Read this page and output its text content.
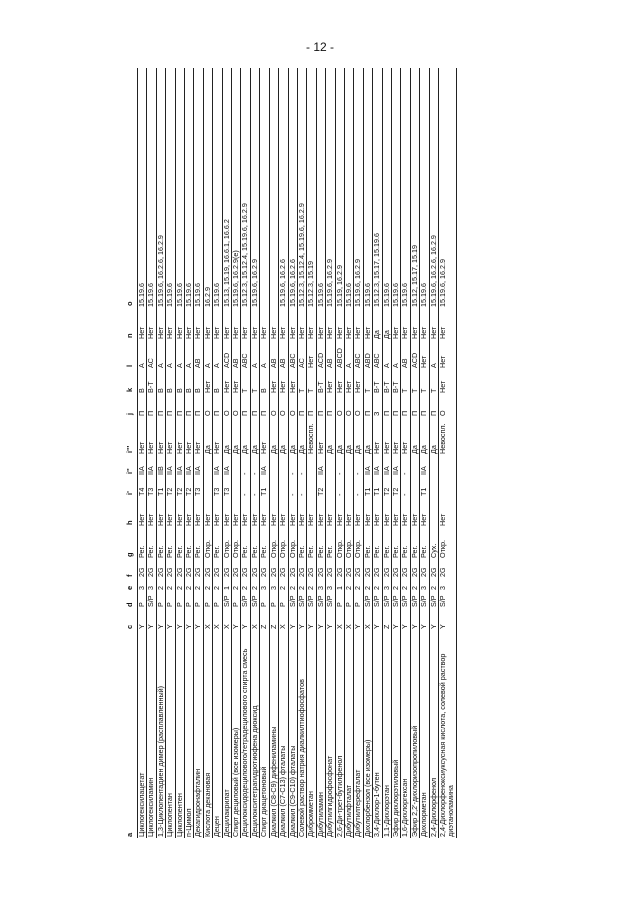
- 12 -
a
c
d
e
f
g
h
i'
i''
i'''
j
k
l
n
o
Циклогексилацетат
Y
P
3
2G
Рег.
Нет
T4
IIA
Нет
П
В
А
Нет
15.19.6
Циклогексиламин
Y
S/P
3
2G
Рег.
Нет
T3
IIA
Нет
П
В-Т
АС
Нет
15.19.6
1,3-Циклопентадиен димер (расплавленный)
Y
P
2
2G
Рег.
Нет
T1
IIB
Нет
П
В
А
Нет
15.19.6, 16.2.6, 16.2.9
Циклопентан
Y
P
2
2G
Рег.
Нет
T2
IIA
Нет
П
В
А
Нет
15.19.6
Циклопентен
Y
P
2
2G
Рег.
Нет
T2
IIA
Нет
П
В
А
Нет
15.19.6
п-Цимол
Y
P
2
2G
Рег.
Нет
T2
IIA
Нет
П
В
А
Нет
15.19.6
Декагидронафталин
Y
P
2
2G
Рег.
Нет
T3
IIA
Нет
П
В
АВ
Нет
15.19.6
Кислота декановая
X
P
2
2G
Откр.
Нет
Да
О
Нет
А
Нет
16.2.9
Децен
X
P
2
2G
Рег.
Нет
T3
IIA
Нет
П
В
А
Нет
15.19.6
Децилакрилат
X
S/P
1
2G
Откр.
Нет
T3
IIA
Да
О
Нет
ACD
Нет
15.13, 15.19, 16.6.1, 16.6.2
Спирт дециловый (все изомеры)
Y
P
2
2G
Откр.
Нет
Да
О
Нет
АВ
Нет
15.19.6, 16.2.9(е)
Децилоксидодецилового/тетрадецилового спирта смесь
Y
S/P
2
2G
Рег.
Нет
-
-
Да
П
Т
АВС
Нет
15.12.3, 15.12.4, 15.19.6, 16.2.9
Децилокситетрагидротиофена диоксид
X
S/P
2
2G
Рег.
Нет
-
-
Да
П
Т
А
Нет
15.19.6, 16.2.9
Спирт диацетоновый
Z
P
3
2G
Рег.
Нет
T1
IIA
Нет
П
В
А
Нет
Диалкил (С8-С9) дифениламины
Z
P
3
2G
Откр.
Нет
Да
О
Нет
АВ
Нет
Диалкил (С7-С13) фталаты
X
P
2
2G
Откр.
Нет
Да
О
Нет
АВ
Нет
15.19.6, 16.2.6
Диалкил (С9-С10) фталаты
Y
S/P
2
2G
Откр.
Нет
-
-
Да
О
Нет
АВС
Нет
15.19.6, 16.2.6
Солевой раствор натрия диалкилтиофосфатов
Y
S/P
2
2G
Рег.
Нет
-
-
Да
П
Т
АС
Нет
15.12.3, 15.12.4, 15.19.6, 16.2.9
Дибромметан
Y
S/P
2
2G
Рег.
Нет
Невоспл.
П
Т
Нет
Нет
15.12.3, 15.19
Дибутиламин
Y
S/P
3
2G
Рег.
Нет
T2
IIA
Нет
П
В-Т
ACD
Нет
15.19.6
Дибутилгидрофосфонат
Y
S/P
3
2G
Рег.
Нет
Да
П
Нет
АВ
Нет
15.19.6, 16.2.9
2,6-Ди-трет-бутилфенол
X
P
1
2G
Откр.
Нет
-
-
Да
О
Нет
ABCD
Нет
15.19, 16.2.9
Дибутилфталат
X
P
2
2G
Откр.
Нет
Да
О
Нет
А
Нет
15.19.6
Дибутилтерефталат
Y
P
2
2G
Откр.
Нет
-
-
Да
О
Нет
АВС
Нет
15.19.6, 16.2.9
Дихлорбензол (все изомеры)
X
S/P
2
2G
Рег.
Нет
T1
IIA
Да
П
Т
ABD
Нет
15.19.6
3,4-Дихлор-1-бутен
Y
S/P
2
2G
Рег.
Нет
T1
IIA
Нет
З
В-Т
АВС
Да
15.12.3, 15.17, 15.19.6
1,1-Дихлорэтан
Z
S/P
3
2G
Рег.
Нет
T2
IIA
Нет
П
В-Т
А
Да
15.19.6
Эфир дихлорэтиловый
Y
S/P
2
2G
Рег.
Нет
T2
IIA
Нет
П
В-Т
А
Нет
15.19.6
1,6-Дихлоргексан
Y
S/P
2
2G
Рег.
Нет
-
-
Нет
П
Т
АВ
Нет
15.19.6
Эфир 2,2'-дихлоризопропиловый
Y
S/P
2
2G
Рег.
Нет
Да
П
Т
ACD
Нет
15.12, 15.17, 15.19
Дихлорметан
Y
S/P
3
2G
Рег.
Нет
T1
IIA
Да
П
Т
Нет
Нет
15.19.6
2,4-Дихлорфенол
Y
S/P
2
2G
Сух.
Да
П
Т
А
Нет
15.19.6, 16.2.6, 16.2.9
2,4-Дихлорфеноксиуксусная кислота, солевой раствор диэтаноламина
Y
S/P
3
2G
Откр.
Нет
Невоспл.
О
Нет
Нет
Нет
15.19.6, 16.2.9
